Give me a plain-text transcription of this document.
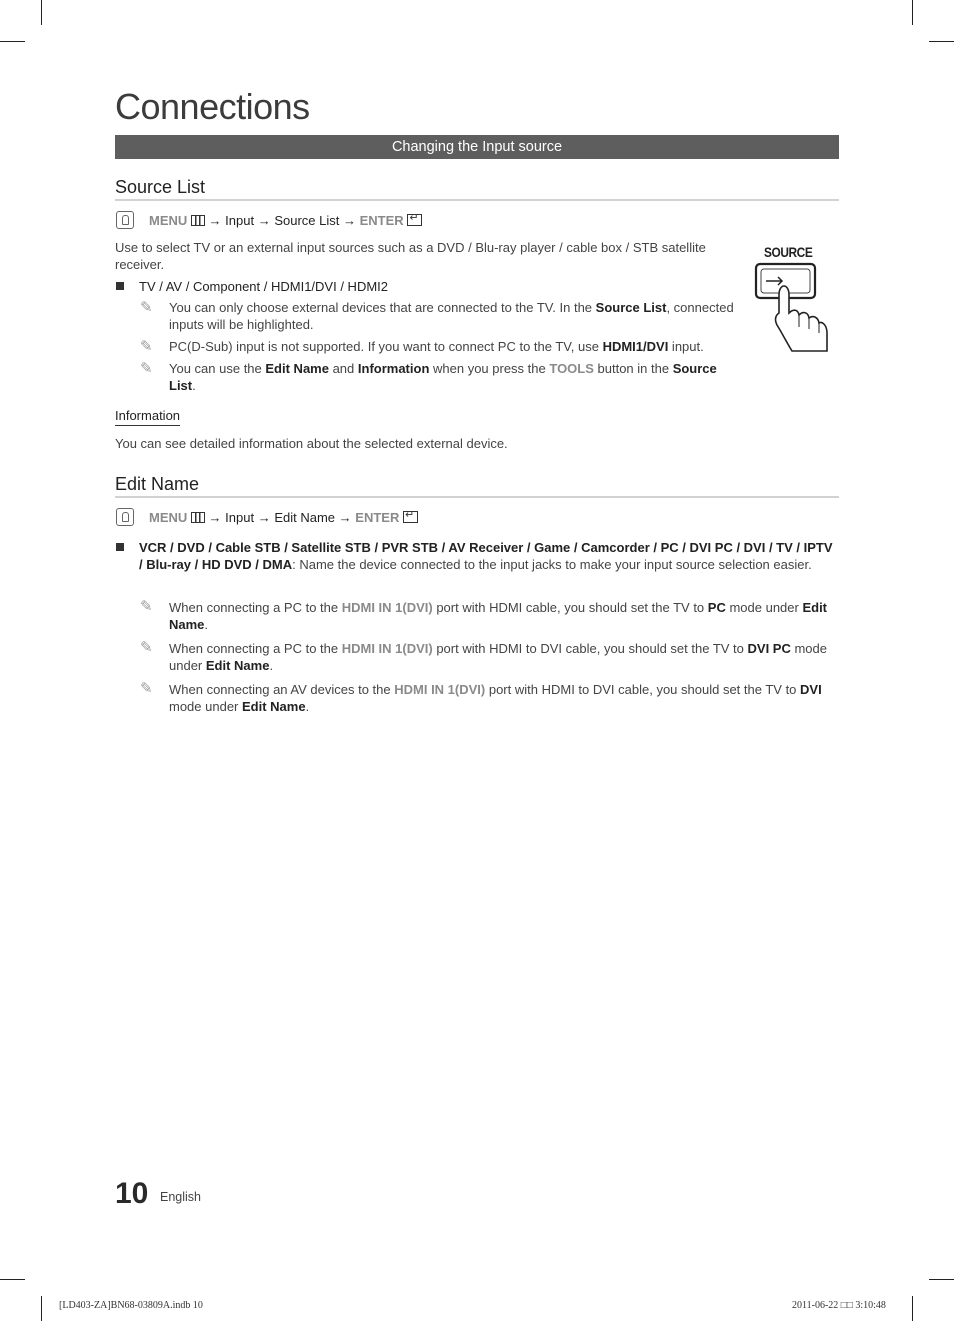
Connections
Changing the Input source
Source List
MENU → Input → Source List → ENTER ↵
Use to select TV or an external input sources such as a DVD / Blu-ray player / cable box / STB satellite receiver.
TV / AV / Component / HDMI1/DVI / HDMI2
✎ You can only choose external devices that are connected to the TV. In the Source List, connected inputs will be highlighted.
✎ PC(D-Sub) input is not supported. If you want to connect PC to the TV, use HDMI1/DVI input.
✎ You can use the Edit Name and Information when you press the TOOLS button in the Source List.
SOURCE
Information
You can see detailed information about the selected external device.
Edit Name
MENU → Input → Edit Name → ENTER ↵
VCR / DVD / Cable STB / Satellite STB / PVR STB / AV Receiver / Game / Camcorder / PC / DVI PC / DVI / TV / IPTV / Blu-ray / HD DVD / DMA: Name the device connected to the input jacks to make your input source selection easier.
✎ When connecting a PC to the HDMI IN 1(DVI) port with HDMI cable, you should set the TV to PC mode under Edit Name.
✎ When connecting a PC to the HDMI IN 1(DVI) port with HDMI to DVI cable, you should set the TV to DVI PC mode under Edit Name.
✎ When connecting an AV devices to the HDMI IN 1(DVI) port with HDMI to DVI cable, you should set the TV to DVI mode under Edit Name.
10 English
[LD403-ZA]BN68-03809A.indb 10	2011-06-22 □□ 3:10:48
